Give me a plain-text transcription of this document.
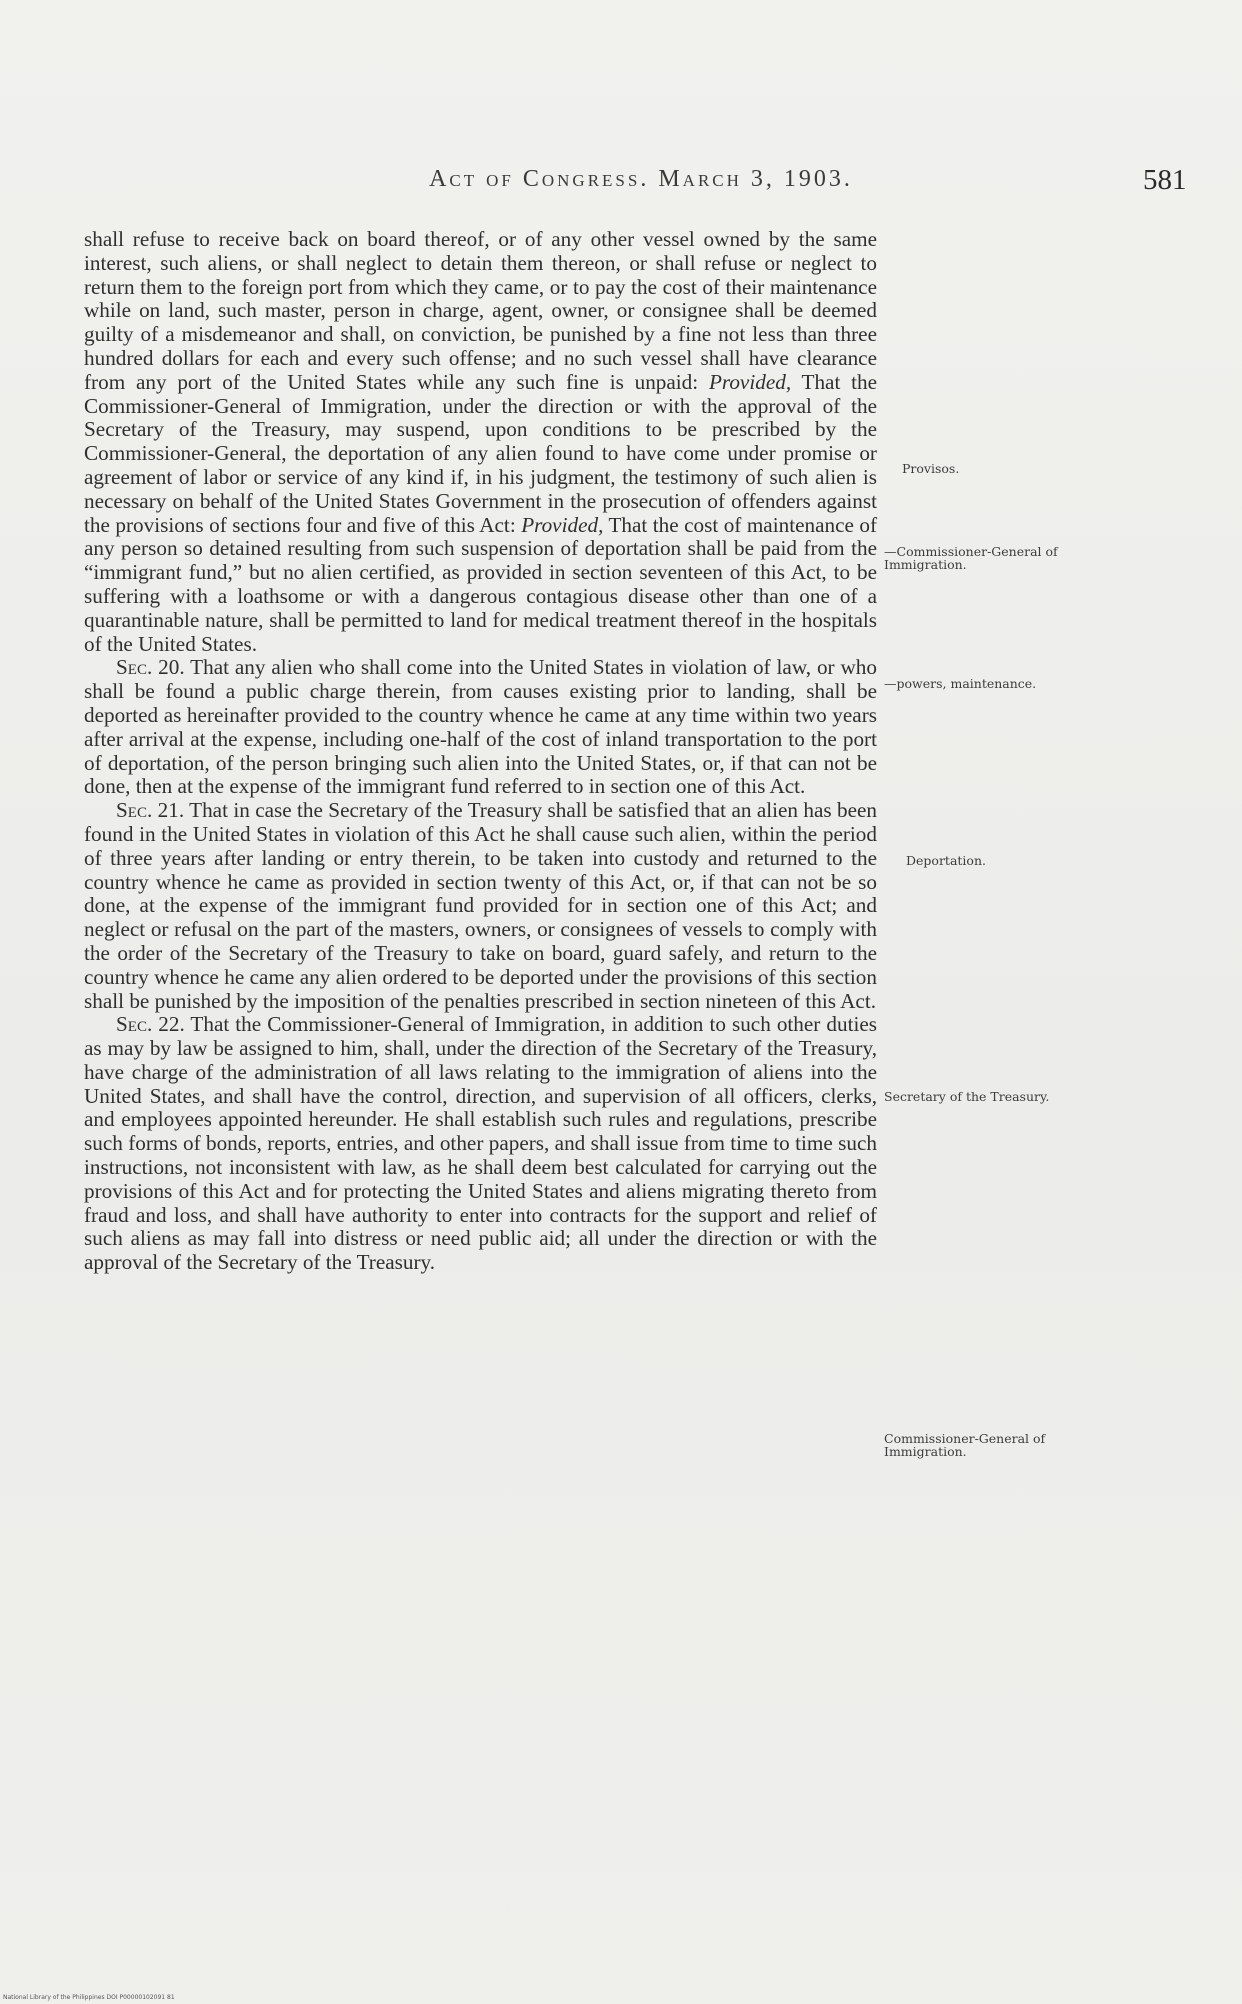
Act of Congress. March 3, 1903.	581

shall refuse to receive back on board thereof, or of any other vessel owned by the same interest, such aliens, or shall neglect to detain them thereon, or shall refuse or neglect to return them to the foreign port from which they came, or to pay the cost of their maintenance while on land, such master, person in charge, agent, owner, or consignee shall be deemed guilty of a misdemeanor and shall, on conviction, be punished by a fine not less than three hundred dollars for each and every such offense; and no such vessel shall have clearance from any port of the United States while any such fine is unpaid: Provided, That the Commissioner-General of Immigration, under the direction or with the approval of the Secretary of the Treasury, may suspend, upon conditions to be prescribed by the Commissioner-General, the deportation of any alien found to have come under promise or agreement of labor or service of any kind if, in his judgment, the testimony of such alien is necessary on behalf of the United States Government in the prosecution of offenders against the provisions of sections four and five of this Act: Provided, That the cost of maintenance of any person so detained resulting from such suspension of deportation shall be paid from the “immigrant fund,” but no alien certified, as provided in section seventeen of this Act, to be suffering with a loathsome or with a dangerous contagious disease other than one of a quarantinable nature, shall be permitted to land for medical treatment thereof in the hospitals of the United States.

Sec. 20. That any alien who shall come into the United States in violation of law, or who shall be found a public charge therein, from causes existing prior to landing, shall be deported as hereinafter provided to the country whence he came at any time within two years after arrival at the expense, including one-half of the cost of inland transportation to the port of deportation, of the person bringing such alien into the United States, or, if that can not be done, then at the expense of the immigrant fund referred to in section one of this Act.

Sec. 21. That in case the Secretary of the Treasury shall be satisfied that an alien has been found in the United States in violation of this Act he shall cause such alien, within the period of three years after landing or entry therein, to be taken into custody and returned to the country whence he came as provided in section twenty of this Act, or, if that can not be so done, at the expense of the immigrant fund provided for in section one of this Act; and neglect or refusal on the part of the masters, owners, or consignees of vessels to comply with the order of the Secretary of the Treasury to take on board, guard safely, and return to the country whence he came any alien ordered to be deported under the provisions of this section shall be punished by the imposition of the penalties prescribed in section nineteen of this Act.

Sec. 22. That the Commissioner-General of Immigration, in addition to such other duties as may by law be assigned to him, shall, under the direction of the Secretary of the Treasury, have charge of the administration of all laws relating to the immigration of aliens into the United States, and shall have the control, direction, and supervision of all officers, clerks, and employees appointed hereunder. He shall establish such rules and regulations, prescribe such forms of bonds, reports, entries, and other papers, and shall issue from time to time such instructions, not inconsistent with law, as he shall deem best calculated for carrying out the provisions of this Act and for protecting the United States and aliens migrating thereto from fraud and loss, and shall have authority to enter into contracts for the support and relief of such aliens as may fall into distress or need public aid; all under the direction or with the approval of the Secretary of the Treasury.

Provisos.
—Commissioner-General of Immigration.
—powers, maintenance.
Deportation.
Secretary of the Treasury.
Commissioner-General of Immigration.
National Library of the Philippines DOI P00000102091 81
